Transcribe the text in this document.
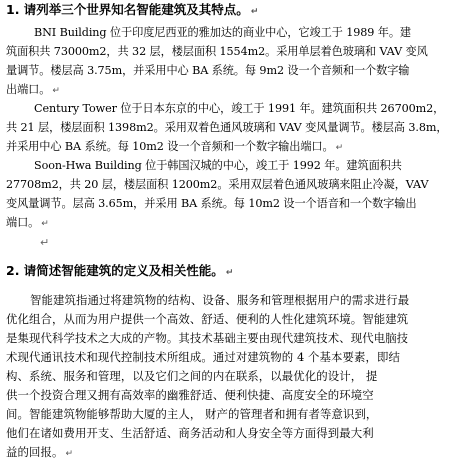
1. 请列举三个世界知名智能建筑及其特点。 ↵
BNI Building 位于印度尼西亚的雅加达的商业中心，它竣工于 1989 年。建
筑面积共 73000m2，共 32 层，楼层面积 1554m2。采用单层着色玻璃和 VAV 变风
量调节。楼层高 3.75m，并采用中心 BA 系统。每 9m2 设一个音频和一个数字输
出端口。 ↵
Century Tower 位于日本东京的中心，竣工于 1991 年。建筑面积共 26700m2，
共 21 层，楼层面积 1398m2。采用双着色通风玻璃和 VAV 变风量调节。楼层高 3.8m，
并采用中心 BA 系统。每 10m2 设一个音频和一个数字输出端口。 ↵
Soon-Hwa Building 位于韩国汉城的中心，竣工于 1992 年。建筑面积共
27708m2，共 20 层，楼层面积 1200m2。采用双层着色通风玻璃来阻止冷凝，VAV
变风量调节。层高 3.65m，并采用 BA 系统。每 10m2 设一个语音和一个数字输出
端口。 ↵
↵
2. 请简述智能建筑的定义及相关性能。 ↵
智能建筑指通过将建筑物的结构、设备、服务和管理根据用户的需求进行最
优化组合，从而为用户提供一个高效、舒适、便利的人性化建筑环境。智能建筑
是集现代科学技术之大成的产物。其技术基础主要由现代建筑技术、现代电脑技
术现代通讯技术和现代控制技术所组成。通过对建筑物的 4 个基本要素，即结
构、系统、服务和管理，以及它们之间的内在联系，以最优化的设计， 提
供一个投资合理又拥有高效率的幽雅舒适、便利快捷、高度安全的环境空
间。智能建筑物能够帮助大厦的主人， 财产的管理者和拥有者等意识到，
他们在诸如费用开支、生活舒适、商务活动和人身安全等方面得到最大利
益的回报。 ↵
